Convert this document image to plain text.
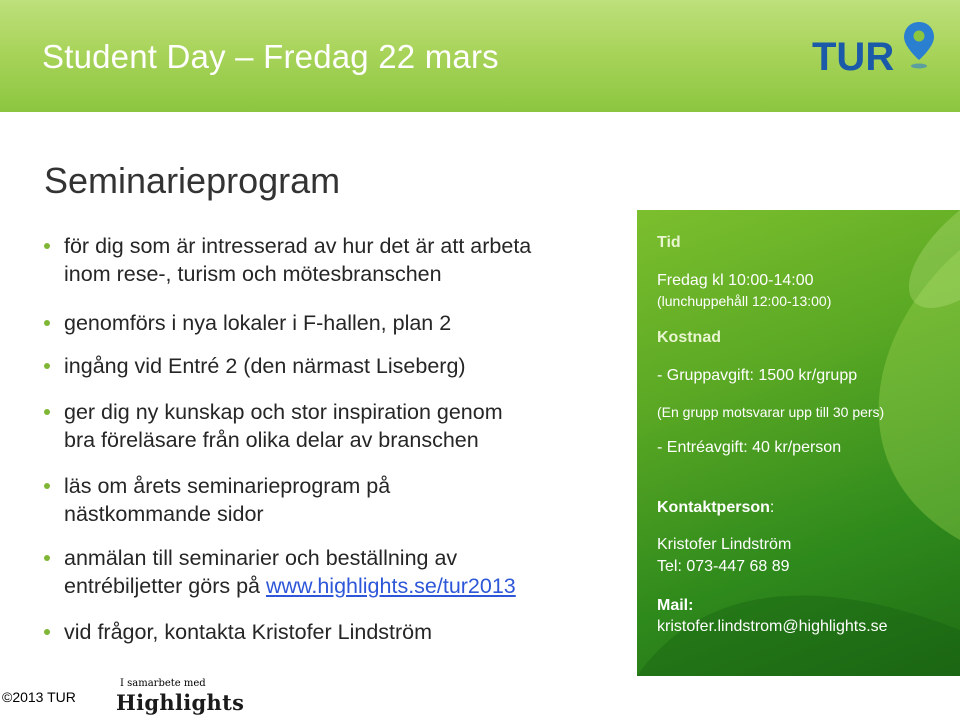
Student Day – Fredag 22 mars	TUR
Seminarieprogram
för dig som är intresserad av hur det är att arbeta
inom rese-, turism och mötesbranschen
genomförs i nya lokaler i F-hallen, plan 2
ingång vid Entré 2 (den närmast Liseberg)
ger dig ny kunskap och stor inspiration genom
bra föreläsare från olika delar av branschen
läs om årets seminarieprogram på
nästkommande sidor
anmälan till seminarier och beställning av
entrébiljetter görs på www.highlights.se/tur2013
vid frågor, kontakta Kristofer Lindström
Tid
Fredag kl 10:00-14:00
(lunchuppehåll 12:00-13:00)
Kostnad
- Gruppavgift: 1500 kr/grupp
(En grupp motsvarar upp till 30 pers)
- Entréavgift: 40 kr/person
Kontaktperson:
Kristofer Lindström
Tel: 073-447 68 89
Mail:
kristofer.lindstrom@highlights.se
©2013 TUR
I samarbete med
Highlights
